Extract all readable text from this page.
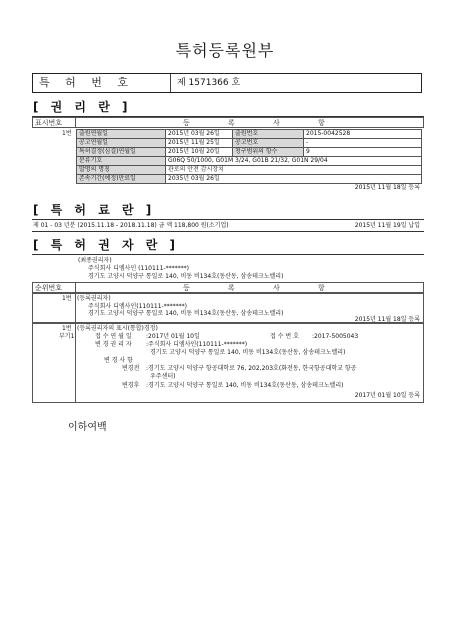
특허등록원부
특 허 번 호	제 1571366 호
[ 권 리 란 ]
표시번호	등 록 사 항
1번 출원연월일	2015년 03월 26일	출원번호	2015-0042528
공고연월일	2015년 11월 25일	공고번호	-
특허결정(심결)연월일	2015년 10월 20일	청구범위의 항수	9
분류기호	G06Q 50/1000, G01M 3/24, G01B 21/32, G01N 29/04		
발명의 명칭	관로의 안전 감시장치		
존속기간(예정)만료일	2035년 03월 26일		
2015년 11월 18일 등록
[ 특 허 료 란 ]
제 01 - 03 년분 (2015.11.18 - 2018.11.18) 금 액 118,800 원(소기업)	2015년 11월 19일 납입
[ 특 허 권 자 란 ]
(최종권리자)
주식회사 디엠사인 (110111-*******)
경기도 고양시 덕양구 통일로 140, 비동 비134호(동산동, 삼송테크노밸리)
순위번호	등 록 사 항
1번 (등록권리자)
주식회사 디엠사인(110111-*******)
경기도 고양시 덕양구 통일로 140, 비동 비134호(동산동, 삼송테크노밸리)
2015년 11월 18일 등록
1번
부기1
(등록권리자의 표시(통합)경정)
접 수 연 월 일 :2017년 01월 10일	접 수 번 호 :2017-5005043
변 경 권 리 자 :주식회사 디엠사인(110111-*******)
경기도 고양시 덕양구 통일로 140, 비동 비134호(동산동, 삼송테크노밸리)
변 경 사 항
변경전 :경기도 고양시 덕양구 항공대학로 76, 202,203호(화전동, 한국항공대학교 항공
우주센터)
변경후 :경기도 고양시 덕양구 통일로 140, 비동 비134호(동산동, 삼송테크노밸리)
2017년 01월 10일 등록
이하여백
